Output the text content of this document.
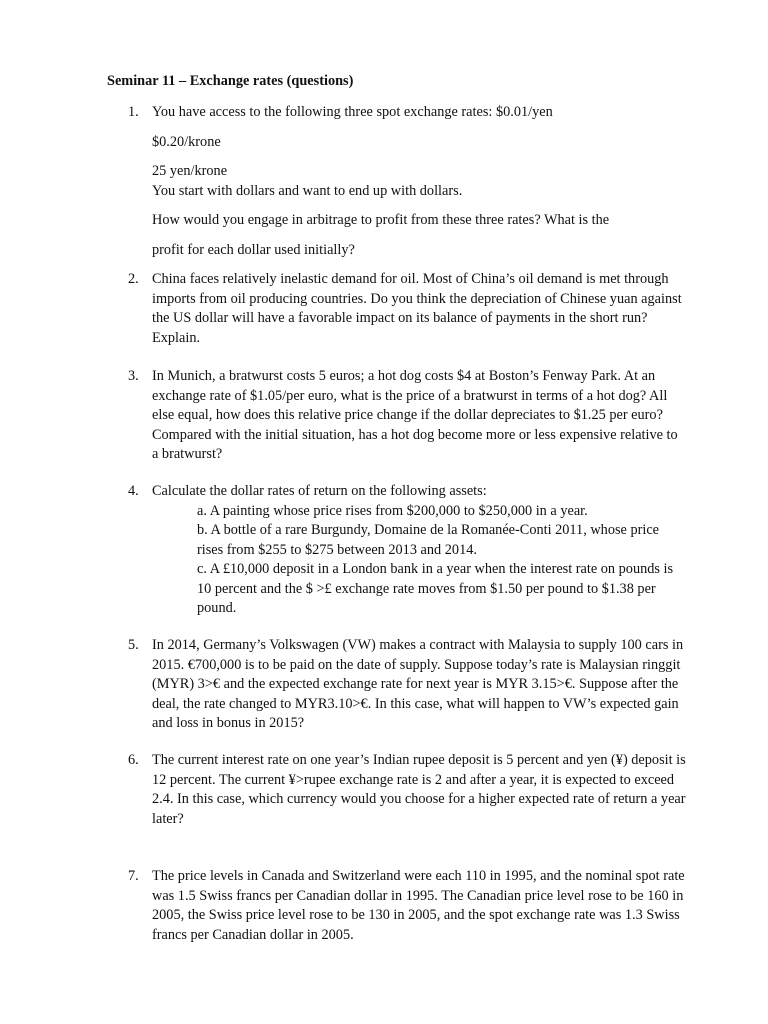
Seminar 11 – Exchange rates (questions)
1. You have access to the following three spot exchange rates: $0.01/yen
$0.20/krone
25 yen/krone
You start with dollars and want to end up with dollars.
How would you engage in arbitrage to profit from these three rates? What is the
profit for each dollar used initially?
2. China faces relatively inelastic demand for oil. Most of China’s oil demand is met through
imports from oil producing countries. Do you think the depreciation of Chinese yuan against
the US dollar will have a favorable impact on its balance of payments in the short run?
Explain.
3. In Munich, a bratwurst costs 5 euros; a hot dog costs $4 at Boston’s Fenway Park. At an
exchange rate of $1.05/per euro, what is the price of a bratwurst in terms of a hot dog? All
else equal, how does this relative price change if the dollar depreciates to $1.25 per euro?
Compared with the initial situation, has a hot dog become more or less expensive relative to
a bratwurst?
4. Calculate the dollar rates of return on the following assets:
a. A painting whose price rises from $200,000 to $250,000 in a year.
b. A bottle of a rare Burgundy, Domaine de la Romanée-Conti 2011, whose price
rises from $255 to $275 between 2013 and 2014.
c. A £10,000 deposit in a London bank in a year when the interest rate on pounds is
10 percent and the $ >£ exchange rate moves from $1.50 per pound to $1.38 per
pound.
5. In 2014, Germany’s Volkswagen (VW) makes a contract with Malaysia to supply 100 cars in
2015. €700,000 is to be paid on the date of supply. Suppose today’s rate is Malaysian ringgit
(MYR) 3>€ and the expected exchange rate for next year is MYR 3.15>€. Suppose after the
deal, the rate changed to MYR3.10>€. In this case, what will happen to VW’s expected gain
and loss in bonus in 2015?
6. The current interest rate on one year’s Indian rupee deposit is 5 percent and yen (¥) deposit is
12 percent. The current ¥>rupee exchange rate is 2 and after a year, it is expected to exceed
2.4. In this case, which currency would you choose for a higher expected rate of return a year
later?
7. The price levels in Canada and Switzerland were each 110 in 1995, and the nominal spot rate
was 1.5 Swiss francs per Canadian dollar in 1995. The Canadian price level rose to be 160 in
2005, the Swiss price level rose to be 130 in 2005, and the spot exchange rate was 1.3 Swiss
francs per Canadian dollar in 2005.
